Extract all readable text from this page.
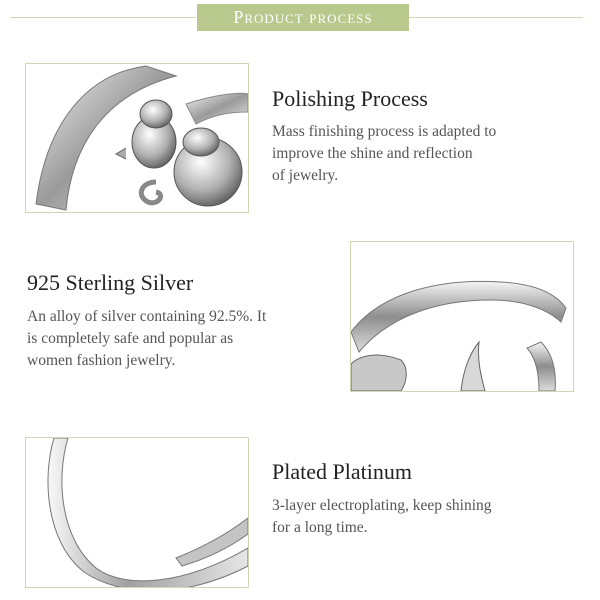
Product process
Polishing Process
Mass finishing process is adapted to
improve the shine and reflection
of jewelry.
925 Sterling Silver
An alloy of silver containing 92.5%. It
is completely safe and popular as
women fashion jewelry.
Plated Platinum
3-layer electroplating, keep shining
for a long time.
